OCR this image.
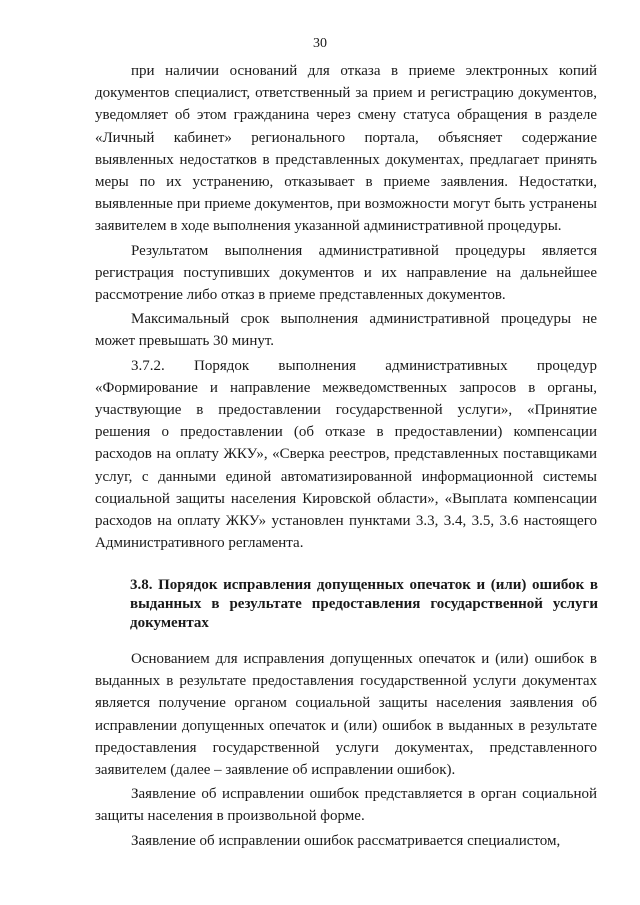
30

при наличии оснований для отказа в приеме электронных копий документов специалист, ответственный за прием и регистрацию документов, уведомляет об этом гражданина через смену статуса обращения в разделе «Личный кабинет» регионального портала, объясняет содержание выявленных недостатков в представленных документах, предлагает принять меры по их устранению, отказывает в приеме заявления. Недостатки, выявленные при приеме документов, при возможности могут быть устранены заявителем в ходе выполнения указанной административной процедуры.

Результатом выполнения административной процедуры является регистрация поступивших документов и их направление на дальнейшее рассмотрение либо отказ в приеме представленных документов.

Максимальный срок выполнения административной процедуры не может превышать 30 минут.

3.7.2. Порядок выполнения административных процедур «Формирование и направление межведомственных запросов в органы, участвующие в предоставлении государственной услуги», «Принятие решения о предоставлении (об отказе в предоставлении) компенсации расходов на оплату ЖКУ», «Сверка реестров, представленных поставщиками услуг, с данными единой автоматизированной информационной системы социальной защиты населения Кировской области», «Выплата компенсации расходов на оплату ЖКУ» установлен пунктами 3.3, 3.4, 3.5, 3.6 настоящего Административного регламента.

3.8. Порядок исправления допущенных опечаток и (или) ошибок в выданных в результате предоставления государственной услуги документах

Основанием для исправления допущенных опечаток и (или) ошибок в выданных в результате предоставления государственной услуги документах является получение органом социальной защиты населения заявления об исправлении допущенных опечаток и (или) ошибок в выданных в результате предоставления государственной услуги документах, представленного заявителем (далее – заявление об исправлении ошибок).

Заявление об исправлении ошибок представляется в орган социальной защиты населения в произвольной форме.

Заявление об исправлении ошибок рассматривается специалистом,
